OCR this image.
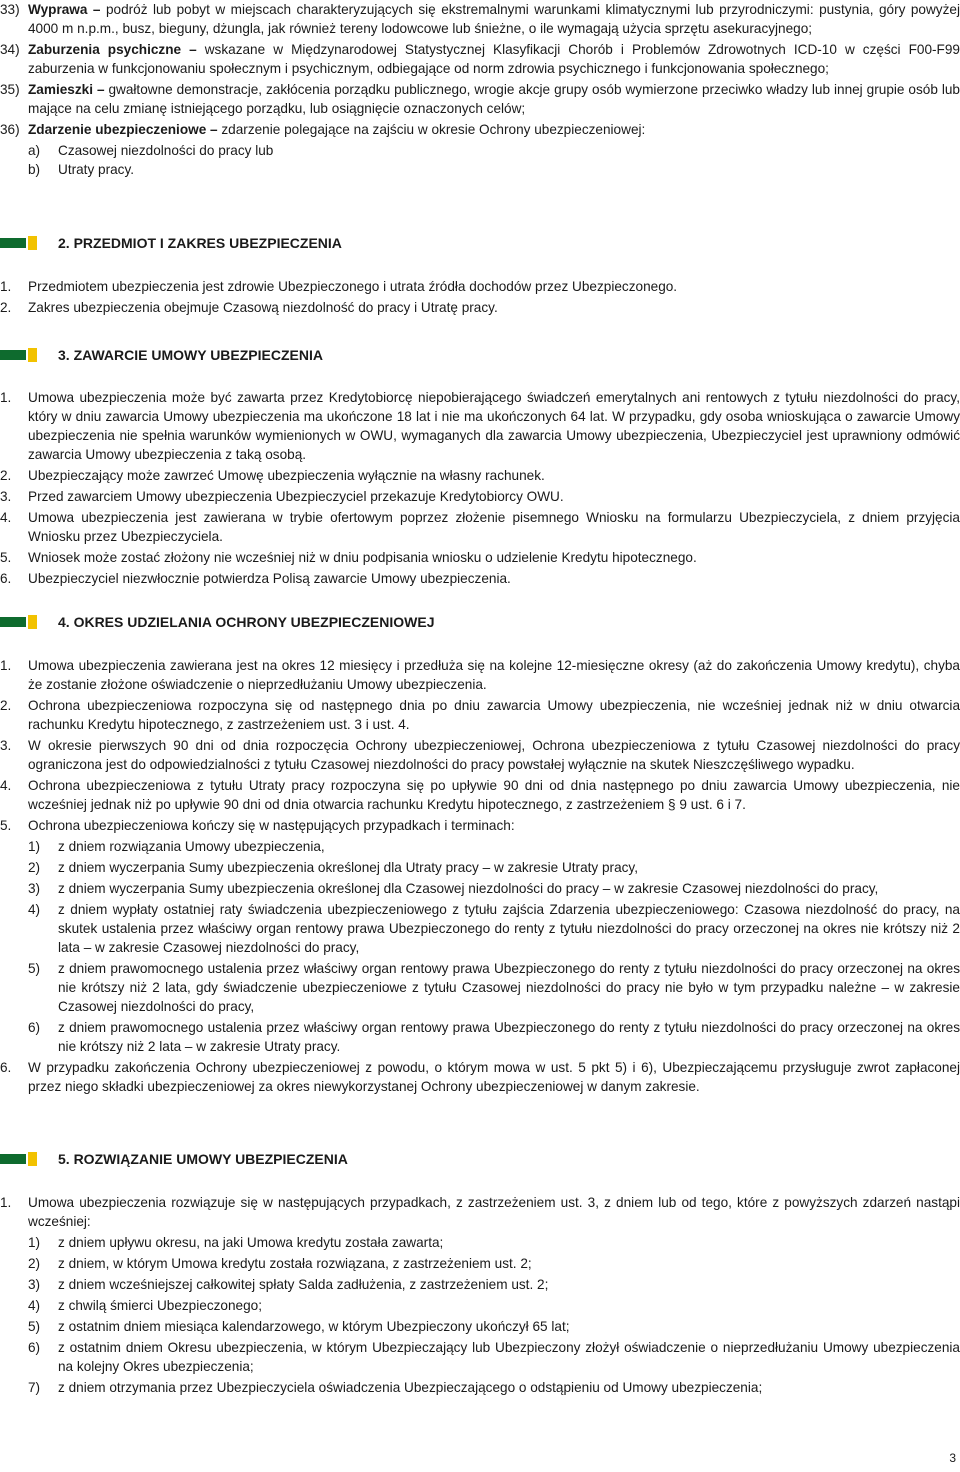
33) Wyprawa – podróż lub pobyt w miejscach charakteryzujących się ekstremalnymi warunkami klimatycznymi lub przyrodniczymi: pustynia, góry powyżej 4000 m n.p.m., busz, bieguny, dżungla, jak również tereny lodowcowe lub śnieżne, o ile wymagają użycia sprzętu asekuracyjnego;
34) Zaburzenia psychiczne – wskazane w Międzynarodowej Statystycznej Klasyfikacji Chorób i Problemów Zdrowotnych ICD-10 w części F00-F99 zaburzenia w funkcjonowaniu społecznym i psychicznym, odbiegające od norm zdrowia psychicznego i funkcjonowania społecznego;
35) Zamieszki – gwałtowne demonstracje, zakłócenia porządku publicznego, wrogie akcje grupy osób wymierzone przeciwko władzy lub innej grupie osób lub mające na celu zmianę istniejącego porządku, lub osiągnięcie oznaczonych celów;
36) Zdarzenie ubezpieczeniowe – zdarzenie polegające na zajściu w okresie Ochrony ubezpieczeniowej:
a) Czasowej niezdolności do pracy lub
b) Utraty pracy.
2. PRZEDMIOT I ZAKRES UBEZPIECZENIA
1. Przedmiotem ubezpieczenia jest zdrowie Ubezpieczonego i utrata źródła dochodów przez Ubezpieczonego.
2. Zakres ubezpieczenia obejmuje Czasową niezdolność do pracy i Utratę pracy.
3. ZAWARCIE UMOWY UBEZPIECZENIA
1. Umowa ubezpieczenia może być zawarta przez Kredytobiorcę niepobierającego świadczeń emerytalnych ani rentowych z tytułu niezdolności do pracy, który w dniu zawarcia Umowy ubezpieczenia ma ukończone 18 lat i nie ma ukończonych 64 lat. W przypadku, gdy osoba wnioskująca o zawarcie Umowy ubezpieczenia nie spełnia warunków wymienionych w OWU, wymaganych dla zawarcia Umowy ubezpieczenia, Ubezpieczyciel jest uprawniony odmówić zawarcia Umowy ubezpieczenia z taką osobą.
2. Ubezpieczający może zawrzeć Umowę ubezpieczenia wyłącznie na własny rachunek.
3. Przed zawarciem Umowy ubezpieczenia Ubezpieczyciel przekazuje Kredytobiorcy OWU.
4. Umowa ubezpieczenia jest zawierana w trybie ofertowym poprzez złożenie pisemnego Wniosku na formularzu Ubezpieczyciela, z dniem przyjęcia Wniosku przez Ubezpieczyciela.
5. Wniosek może zostać złożony nie wcześniej niż w dniu podpisania wniosku o udzielenie Kredytu hipotecznego.
6. Ubezpieczyciel niezwłocznie potwierdza Polisą zawarcie Umowy ubezpieczenia.
4. OKRES UDZIELANIA OCHRONY UBEZPIECZENIOWEJ
1. Umowa ubezpieczenia zawierana jest na okres 12 miesięcy i przedłuża się na kolejne 12-miesięczne okresy (aż do zakończenia Umowy kredytu), chyba że zostanie złożone oświadczenie o nieprzedłużaniu Umowy ubezpieczenia.
2. Ochrona ubezpieczeniowa rozpoczyna się od następnego dnia po dniu zawarcia Umowy ubezpieczenia, nie wcześniej jednak niż w dniu otwarcia rachunku Kredytu hipotecznego, z zastrzeżeniem ust. 3 i ust. 4.
3. W okresie pierwszych 90 dni od dnia rozpoczęcia Ochrony ubezpieczeniowej, Ochrona ubezpieczeniowa z tytułu Czasowej niezdolności do pracy ograniczona jest do odpowiedzialności z tytułu Czasowej niezdolności do pracy powstałej wyłącznie na skutek Nieszczęśliwego wypadku.
4. Ochrona ubezpieczeniowa z tytułu Utraty pracy rozpoczyna się po upływie 90 dni od dnia następnego po dniu zawarcia Umowy ubezpieczenia, nie wcześniej jednak niż po upływie 90 dni od dnia otwarcia rachunku Kredytu hipotecznego, z zastrzeżeniem § 9 ust. 6 i 7.
5. Ochrona ubezpieczeniowa kończy się w następujących przypadkach i terminach:
1) z dniem rozwiązania Umowy ubezpieczenia,
2) z dniem wyczerpania Sumy ubezpieczenia określonej dla Utraty pracy – w zakresie Utraty pracy,
3) z dniem wyczerpania Sumy ubezpieczenia określonej dla Czasowej niezdolności do pracy – w zakresie Czasowej niezdolności do pracy,
4) z dniem wypłaty ostatniej raty świadczenia ubezpieczeniowego z tytułu zajścia Zdarzenia ubezpieczeniowego: Czasowa niezdolność do pracy, na skutek ustalenia przez właściwy organ rentowy prawa Ubezpieczonego do renty z tytułu niezdolności do pracy orzeczonej na okres nie krótszy niż 2 lata – w zakresie Czasowej niezdolności do pracy,
5) z dniem prawomocnego ustalenia przez właściwy organ rentowy prawa Ubezpieczonego do renty z tytułu niezdolności do pracy orzeczonej na okres nie krótszy niż 2 lata, gdy świadczenie ubezpieczeniowe z tytułu Czasowej niezdolności do pracy nie było w tym przypadku należne – w zakresie Czasowej niezdolności do pracy,
6) z dniem prawomocnego ustalenia przez właściwy organ rentowy prawa Ubezpieczonego do renty z tytułu niezdolności do pracy orzeczonej na okres nie krótszy niż 2 lata – w zakresie Utraty pracy.
6. W przypadku zakończenia Ochrony ubezpieczeniowej z powodu, o którym mowa w ust. 5 pkt 5) i 6), Ubezpieczającemu przysługuje zwrot zapłaconej przez niego składki ubezpieczeniowej za okres niewykorzystanej Ochrony ubezpieczeniowej w danym zakresie.
5. ROZWIĄZANIE UMOWY UBEZPIECZENIA
1. Umowa ubezpieczenia rozwiązuje się w następujących przypadkach, z zastrzeżeniem ust. 3, z dniem lub od tego, które z powyższych zdarzeń nastąpi wcześniej:
1) z dniem upływu okresu, na jaki Umowa kredytu została zawarta;
2) z dniem, w którym Umowa kredytu została rozwiązana, z zastrzeżeniem ust. 2;
3) z dniem wcześniejszej całkowitej spłaty Salda zadłużenia, z zastrzeżeniem ust. 2;
4) z chwilą śmierci Ubezpieczonego;
5) z ostatnim dniem miesiąca kalendarzowego, w którym Ubezpieczony ukończył 65 lat;
6) z ostatnim dniem Okresu ubezpieczenia, w którym Ubezpieczający lub Ubezpieczony złożył oświadczenie o nieprzedłużaniu Umowy ubezpieczenia na kolejny Okres ubezpieczenia;
7) z dniem otrzymania przez Ubezpieczyciela oświadczenia Ubezpieczającego o odstąpieniu od Umowy ubezpieczenia;
3
